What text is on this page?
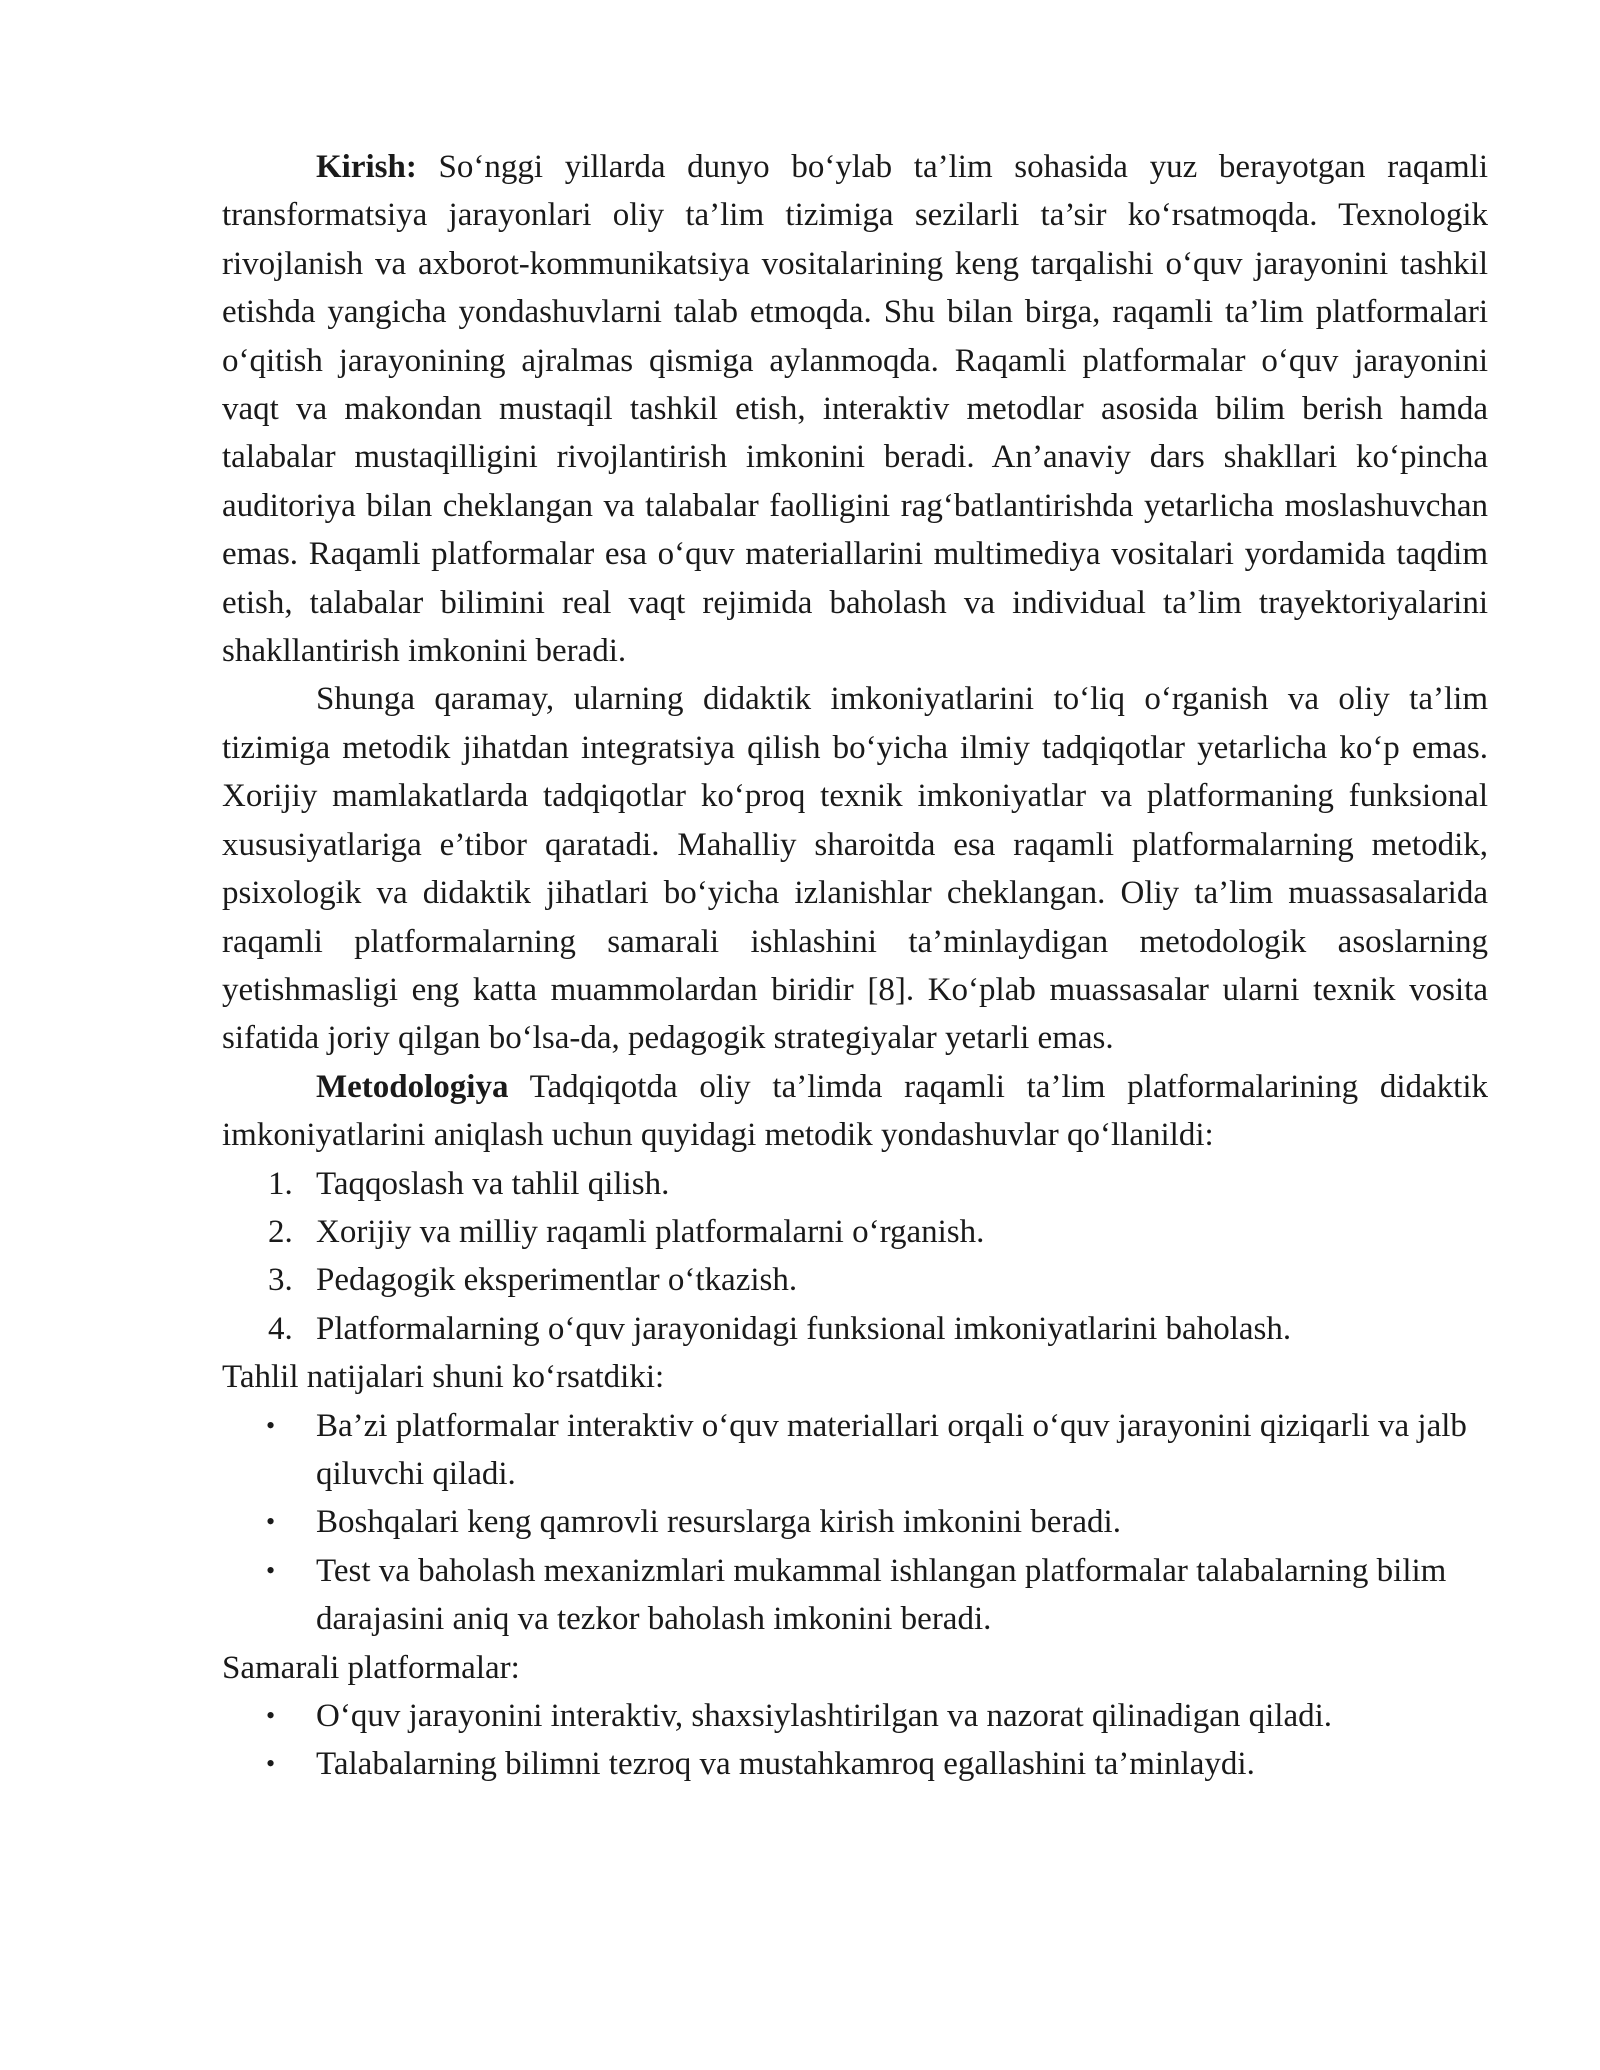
Kirish: So‘nggi yillarda dunyo bo‘ylab ta’lim sohasida yuz berayotgan raqamli transformatsiya jarayonlari oliy ta’lim tizimiga sezilarli ta’sir ko‘rsatmoqda. Texnologik rivojlanish va axborot-kommunikatsiya vositalarining keng tarqalishi o‘quv jarayonini tashkil etishda yangicha yondashuvlarni talab etmoqda. Shu bilan birga, raqamli ta’lim platformalari o‘qitish jarayonining ajralmas qismiga aylanmoqda. Raqamli platformalar o‘quv jarayonini vaqt va makondan mustaqil tashkil etish, interaktiv metodlar asosida bilim berish hamda talabalar mustaqilligini rivojlantirish imkonini beradi. An’anaviy dars shakllari ko‘pincha auditoriya bilan cheklangan va talabalar faolligini rag‘batlantirishda yetarlicha moslashuvchan emas. Raqamli platformalar esa o‘quv materiallarini multimediya vositalari yordamida taqdim etish, talabalar bilimini real vaqt rejimida baholash va individual ta’lim trayektoriyalarini shakllantirish imkonini beradi.

Shunga qaramay, ularning didaktik imkoniyatlarini to‘liq o‘rganish va oliy ta’lim tizimiga metodik jihatdan integratsiya qilish bo‘yicha ilmiy tadqiqotlar yetarlicha ko‘p emas. Xorijiy mamlakatlarda tadqiqotlar ko‘proq texnik imkoniyatlar va platformaning funksional xususiyatlariga e’tibor qaratadi. Mahalliy sharoitda esa raqamli platformalarning metodik, psixologik va didaktik jihatlari bo‘yicha izlanishlar cheklangan. Oliy ta’lim muassasalarida raqamli platformalarning samarali ishlashini ta’minlaydigan metodologik asoslarning yetishmasligi eng katta muammolardan biridir [8]. Ko‘plab muassasalar ularni texnik vosita sifatida joriy qilgan bo‘lsa-da, pedagogik strategiyalar yetarli emas.

Metodologiya Tadqiqotda oliy ta’limda raqamli ta’lim platformalarining didaktik imkoniyatlarini aniqlash uchun quyidagi metodik yondashuvlar qo‘llanildi:

1. Taqqoslash va tahlil qilish.
2. Xorijiy va milliy raqamli platformalarni o‘rganish.
3. Pedagogik eksperimentlar o‘tkazish.
4. Platformalarning o‘quv jarayonidagi funksional imkoniyatlarini baholash.

Tahlil natijalari shuni ko‘rsatdiki:

• Ba’zi platformalar interaktiv o‘quv materiallari orqali o‘quv jarayonini qiziqarli va jalb qiluvchi qiladi.
• Boshqalari keng qamrovli resurslarga kirish imkonini beradi.
• Test va baholash mexanizmlari mukammal ishlangan platformalar talabalarning bilim darajasini aniq va tezkor baholash imkonini beradi.

Samarali platformalar:

• O‘quv jarayonini interaktiv, shaxsiylashtirilgan va nazorat qilinadigan qiladi.
• Talabalarning bilimni tezroq va mustahkamroq egallashini ta’minlaydi.
